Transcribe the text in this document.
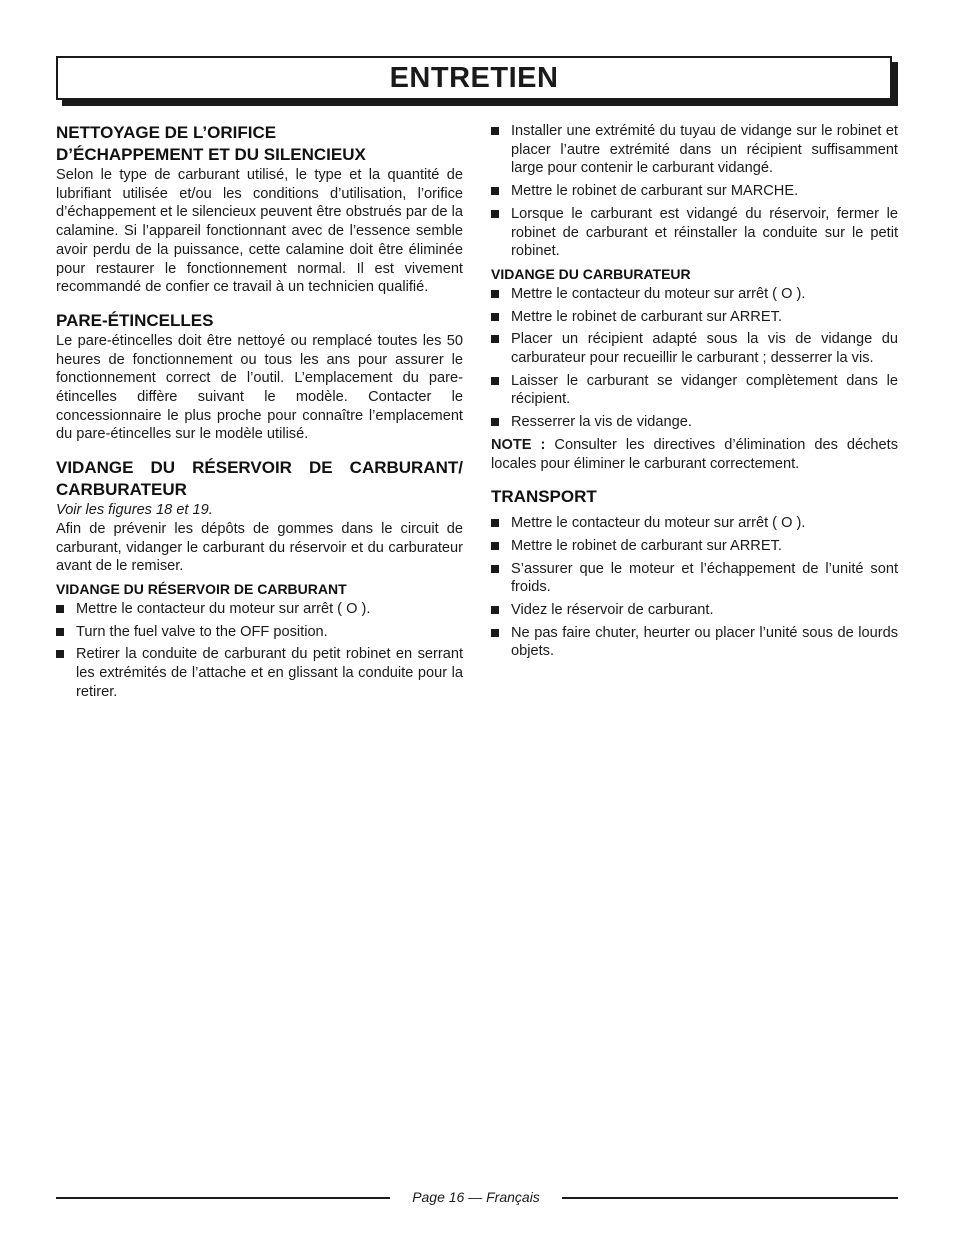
ENTRETIEN
NETTOYAGE DE L’ORIFICE
D’ÉCHAPPEMENT ET DU SILENCIEUX

Selon le type de carburant utilisé, le type et la quantité de lubrifiant utilisée et/ou les conditions d’utilisation, l’orifice d’échappement et le silencieux peuvent être obstrués par de la calamine. Si l’appareil fonctionnant avec de l’essence semble avoir perdu de la puissance, cette calamine doit être éliminée pour restaurer le fonctionnement normal. Il est vivement recommandé de confier ce travail à un technicien qualifié.

PARE-ÉTINCELLES

Le pare-étincelles doit être nettoyé ou remplacé toutes les 50 heures de fonctionnement ou tous les ans pour assurer le fonctionnement correct de l’outil. L’emplacement du pare-étincelles diffère suivant le modèle. Contacter le concessionnaire le plus proche pour connaître l’emplacement du pare-étincelles sur le modèle utilisé.

VIDANGE DU RÉSERVOIR DE CARBURANT/ CARBURATEUR

Voir les figures 18 et 19.

Afin de prévenir les dépôts de gommes dans le circuit de carburant, vidanger le carburant du réservoir et du carburateur avant de le remiser.

VIDANGE DU RÉSERVOIR DE CARBURANT
Mettre le contacteur du moteur sur arrêt ( O ).
Turn the fuel valve to the OFF position.
Retirer la conduite de carburant du petit robinet en serrant les extrémités de l’attache et en glissant la conduite pour la retirer.
Installer une extrémité du tuyau de vidange sur le robinet et placer l’autre extrémité dans un récipient suffisamment large pour contenir le carburant vidangé.
Mettre le robinet de carburant sur MARCHE.
Lorsque le carburant est vidangé du réservoir, fermer le robinet de carburant et réinstaller la conduite sur le petit robinet.
VIDANGE DU CARBURATEUR
Mettre le contacteur du moteur sur arrêt ( O ).
Mettre le robinet de carburant sur ARRET.
Placer un récipient adapté sous la vis de vidange du carburateur pour recueillir le carburant ; desserrer la vis.
Laisser le carburant se vidanger complètement dans le récipient.
Resserrer la vis de vidange.

NOTE : Consulter les directives d’élimination des déchets locales pour éliminer le carburant correctement.

TRANSPORT
Mettre le contacteur du moteur sur arrêt ( O ).
Mettre le robinet de carburant sur ARRET.
S’assurer que le moteur et l’échappement de l’unité sont froids.
Videz le réservoir de carburant.
Ne pas faire chuter, heurter ou placer l’unité sous de lourds objets.
Page 16 — Français
